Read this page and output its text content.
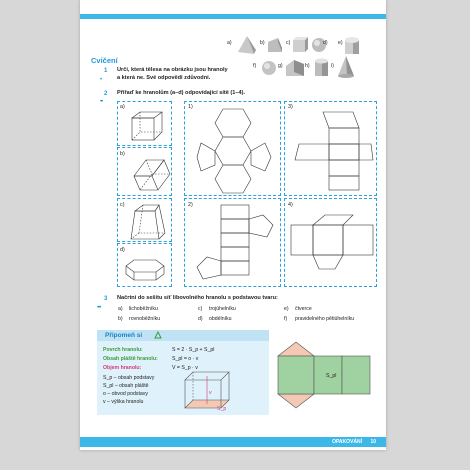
Cvičení
1
•
Urči, která tělesa na obrázku jsou hranoly
a která ne. Své odpovědi zdůvodni.
a)	b)	c)	d) e)
f)	g)	h)	i)
2
••
Přiřaď ke hranolům (a–d) odpovídající sítě (1–4).
a)
b)
c)
d)
1)	3)
2)	4)
3
•••
Načrtni do sešitu síť libovolného hranolu s podstavou tvaru:
a) lichoběžníku	c) trojúhelníku	e) čtverce
b) rovnoběžníku	d) obdélníku	f) pravidelného pětiúhelníku
Připomeň si
Povrch hranolu:	S = 2 · S_p + S_pl
Obsah pláště hranolu:	S_pl = o · v
Objem hranolu:	V = S_p · v
S_p – obsah podstavy
S_pl – obsah pláště
o – obvod podstavy
v – výška hranolu
S_p
v
S_pl
OPAKOVÁNÍ 10
